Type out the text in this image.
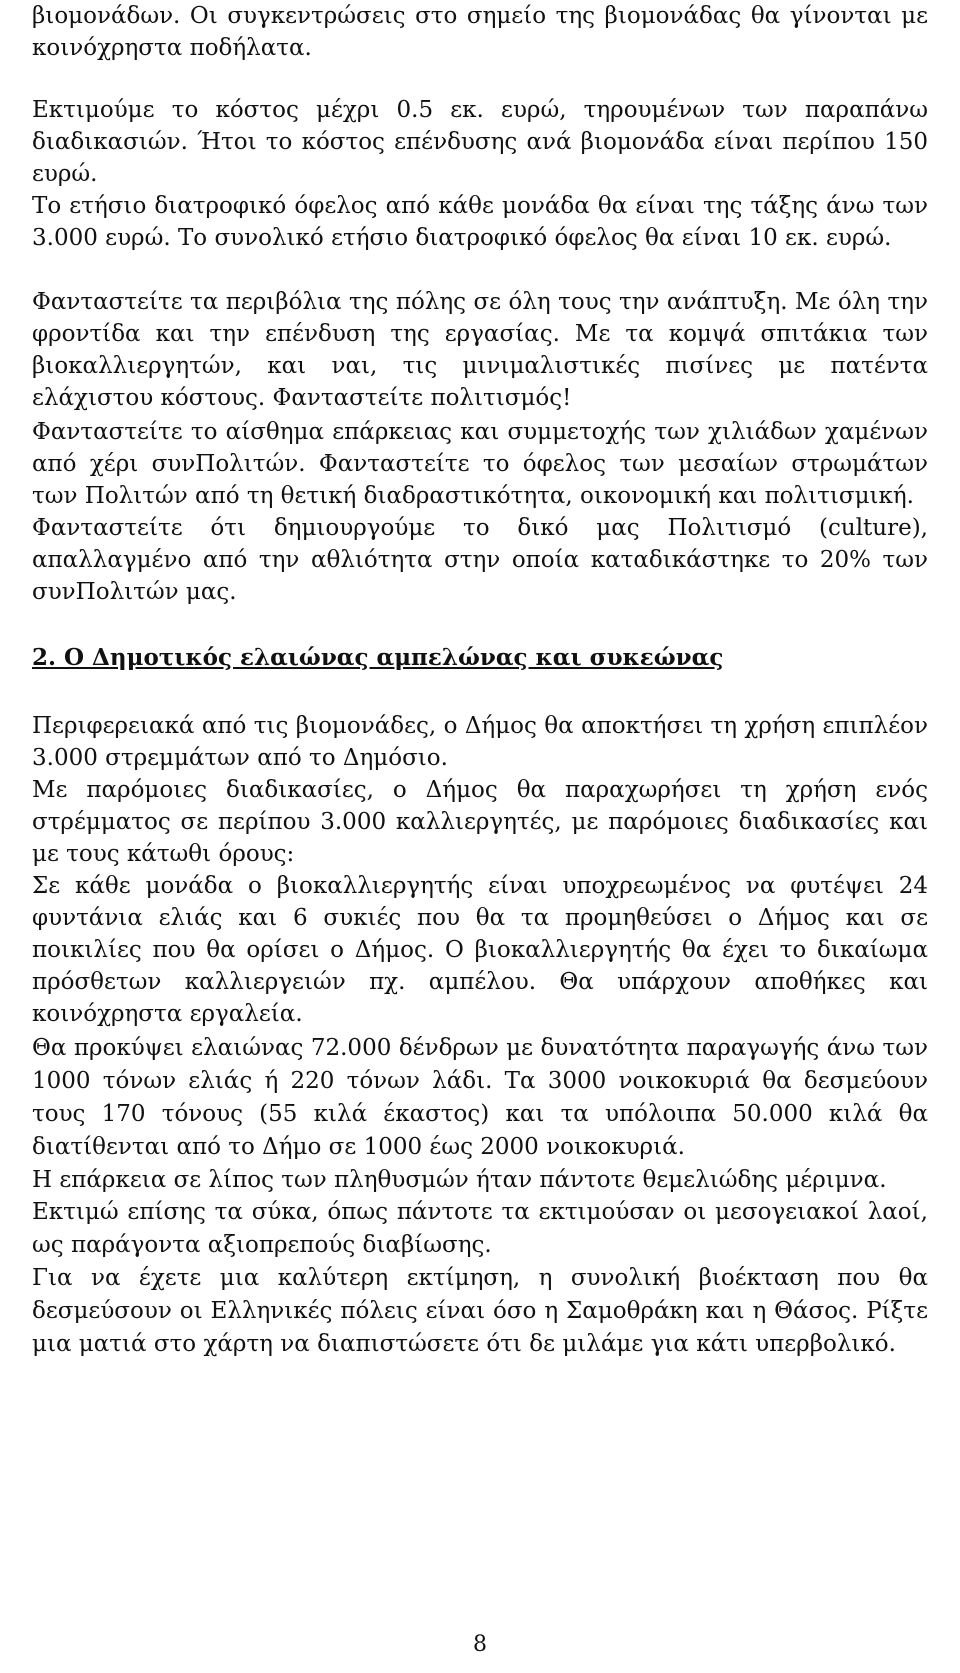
βιομονάδων. Οι συγκεντρώσεις στο σημείο της βιομονάδας θα γίνονται με κοινόχρηστα ποδήλατα.

Εκτιμούμε το κόστος μέχρι 0.5 εκ. ευρώ, τηρουμένων των παραπάνω διαδικασιών. Ήτοι το κόστος επένδυσης ανά βιομονάδα είναι περίπου 150 ευρώ.

Το ετήσιο διατροφικό όφελος από κάθε μονάδα θα είναι της τάξης άνω των 3.000 ευρώ. Το συνολικό ετήσιο διατροφικό όφελος θα είναι 10 εκ. ευρώ.

Φανταστείτε τα περιβόλια της πόλης σε όλη τους την ανάπτυξη. Με όλη την φροντίδα και την επένδυση της εργασίας. Με τα κομψά σπιτάκια των βιοκαλλιεργητών, και ναι, τις μινιμαλιστικές πισίνες με πατέντα ελάχιστου κόστους. Φανταστείτε πολιτισμός!

Φανταστείτε το αίσθημα επάρκειας και συμμετοχής των χιλιάδων χαμένων από χέρι συνΠολιτών. Φανταστείτε το όφελος των μεσαίων στρωμάτων των Πολιτών από τη θετική διαδραστικότητα, οικονομική και πολιτισμική.

Φανταστείτε ότι δημιουργούμε το δικό μας Πολιτισμό (culture), απαλλαγμένο από την αθλιότητα στην οποία καταδικάστηκε το 20% των συνΠολιτών μας.

2. Ο Δημοτικός ελαιώνας αμπελώνας και συκεώνας

Περιφερειακά από τις βιομονάδες, ο Δήμος θα αποκτήσει τη χρήση επιπλέον 3.000 στρεμμάτων από το Δημόσιο.

Με παρόμοιες διαδικασίες, ο Δήμος θα παραχωρήσει τη χρήση ενός στρέμματος σε περίπου 3.000 καλλιεργητές, με παρόμοιες διαδικασίες και με τους κάτωθι όρους:

Σε κάθε μονάδα ο βιοκαλλιεργητής είναι υποχρεωμένος να φυτέψει 24 φυντάνια ελιάς και 6 συκιές που θα τα προμηθεύσει ο Δήμος και σε ποικιλίες που θα ορίσει ο Δήμος. Ο βιοκαλλιεργητής θα έχει το δικαίωμα πρόσθετων καλλιεργειών πχ. αμπέλου. Θα υπάρχουν αποθήκες και κοινόχρηστα εργαλεία.

Θα προκύψει ελαιώνας 72.000 δένδρων με δυνατότητα παραγωγής άνω των 1000 τόνων ελιάς ή 220 τόνων λάδι. Τα 3000 νοικοκυριά θα δεσμεύουν τους 170 τόνους (55 κιλά έκαστος) και τα υπόλοιπα 50.000 κιλά θα διατίθενται από το Δήμο σε 1000 έως 2000 νοικοκυριά.

Η επάρκεια σε λίπος των πληθυσμών ήταν πάντοτε θεμελιώδης μέριμνα.

Εκτιμώ επίσης τα σύκα, όπως πάντοτε τα εκτιμούσαν οι μεσογειακοί λαοί, ως παράγοντα αξιοπρεπούς διαβίωσης.

Για να έχετε μια καλύτερη εκτίμηση, η συνολική βιοέκταση που θα δεσμεύσουν οι Ελληνικές πόλεις είναι όσο η Σαμοθράκη και η Θάσος. Ρίξτε μια ματιά στο χάρτη να διαπιστώσετε ότι δε μιλάμε για κάτι υπερβολικό.

8
